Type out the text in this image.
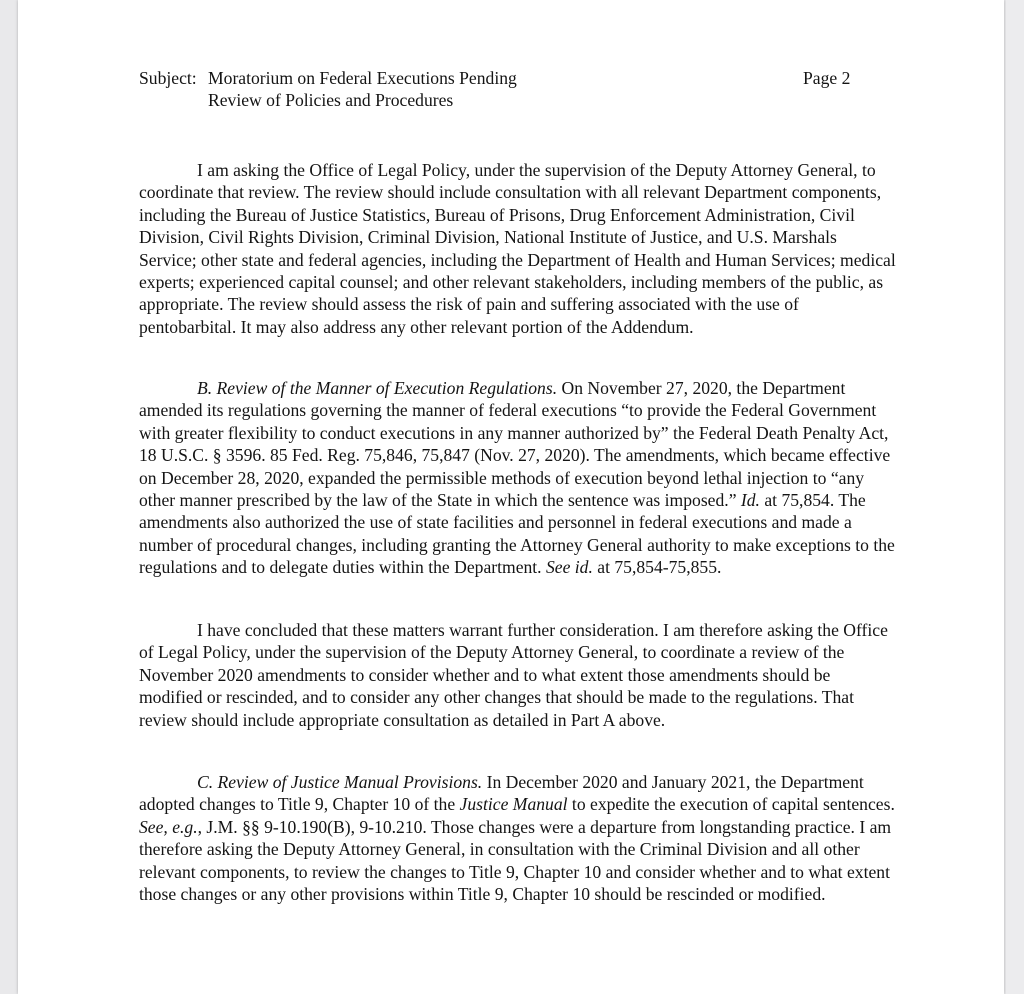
Subject: Moratorium on Federal Executions Pending
Review of Policies and Procedures
Page 2

I am asking the Office of Legal Policy, under the supervision of the Deputy Attorney General, to coordinate that review. The review should include consultation with all relevant Department components, including the Bureau of Justice Statistics, Bureau of Prisons, Drug Enforcement Administration, Civil Division, Civil Rights Division, Criminal Division, National Institute of Justice, and U.S. Marshals Service; other state and federal agencies, including the Department of Health and Human Services; medical experts; experienced capital counsel; and other relevant stakeholders, including members of the public, as appropriate. The review should assess the risk of pain and suffering associated with the use of pentobarbital. It may also address any other relevant portion of the Addendum.

B. Review of the Manner of Execution Regulations. On November 27, 2020, the Department amended its regulations governing the manner of federal executions “to provide the Federal Government with greater flexibility to conduct executions in any manner authorized by” the Federal Death Penalty Act, 18 U.S.C. § 3596. 85 Fed. Reg. 75,846, 75,847 (Nov. 27, 2020). The amendments, which became effective on December 28, 2020, expanded the permissible methods of execution beyond lethal injection to “any other manner prescribed by the law of the State in which the sentence was imposed.” Id. at 75,854. The amendments also authorized the use of state facilities and personnel in federal executions and made a number of procedural changes, including granting the Attorney General authority to make exceptions to the regulations and to delegate duties within the Department. See id. at 75,854-75,855.

I have concluded that these matters warrant further consideration. I am therefore asking the Office of Legal Policy, under the supervision of the Deputy Attorney General, to coordinate a review of the November 2020 amendments to consider whether and to what extent those amendments should be modified or rescinded, and to consider any other changes that should be made to the regulations. That review should include appropriate consultation as detailed in Part A above.

C. Review of Justice Manual Provisions. In December 2020 and January 2021, the Department adopted changes to Title 9, Chapter 10 of the Justice Manual to expedite the execution of capital sentences. See, e.g., J.M. §§ 9-10.190(B), 9-10.210. Those changes were a departure from longstanding practice. I am therefore asking the Deputy Attorney General, in consultation with the Criminal Division and all other relevant components, to review the changes to Title 9, Chapter 10 and consider whether and to what extent those changes or any other provisions within Title 9, Chapter 10 should be rescinded or modified.
